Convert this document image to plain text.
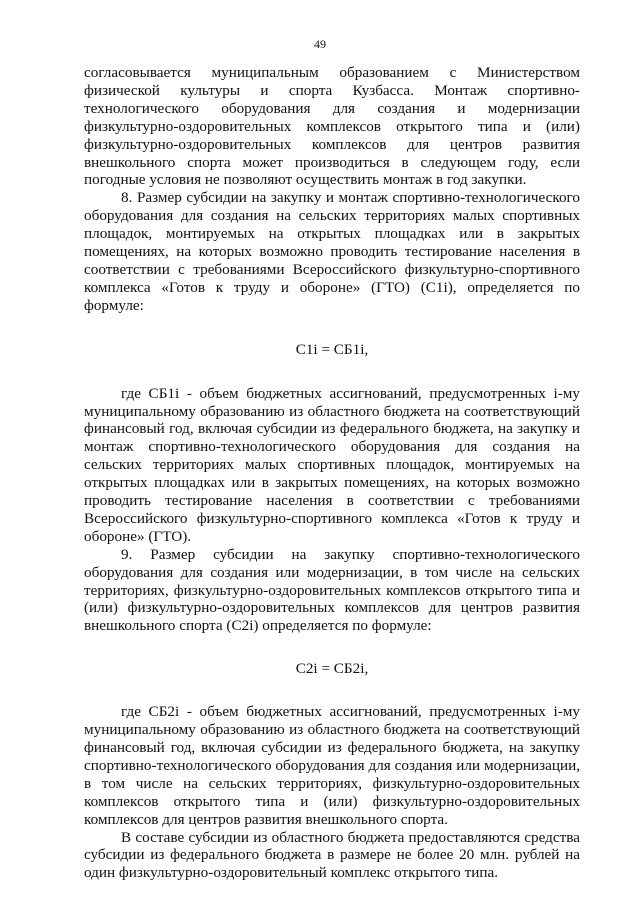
49

согласовывается муниципальным образованием с Министерством физической культуры и спорта Кузбасса. Монтаж спортивно-технологического оборудования для создания и модернизации физкультурно-оздоровительных комплексов открытого типа и (или) физкультурно-оздоровительных комплексов для центров развития внешкольного спорта может производиться в следующем году, если погодные условия не позволяют осуществить монтаж в год закупки.

8. Размер субсидии на закупку и монтаж спортивно-технологического оборудования для создания на сельских территориях малых спортивных площадок, монтируемых на открытых площадках или в закрытых помещениях, на которых возможно проводить тестирование населения в соответствии с требованиями Всероссийского физкультурно-спортивного комплекса «Готов к труду и обороне» (ГТО) (C1i), определяется по формуле:

C1i = СБ1i,

где СБ1i - объем бюджетных ассигнований, предусмотренных i-му муниципальному образованию из областного бюджета на соответствующий финансовый год, включая субсидии из федерального бюджета, на закупку и монтаж спортивно-технологического оборудования для создания на сельских территориях малых спортивных площадок, монтируемых на открытых площадках или в закрытых помещениях, на которых возможно проводить тестирование населения в соответствии с требованиями Всероссийского физкультурно-спортивного комплекса «Готов к труду и обороне» (ГТО).

9. Размер субсидии на закупку спортивно-технологического оборудования для создания или модернизации, в том числе на сельских территориях, физкультурно-оздоровительных комплексов открытого типа и (или) физкультурно-оздоровительных комплексов для центров развития внешкольного спорта (C2i) определяется по формуле:

C2i = СБ2i,

где СБ2i - объем бюджетных ассигнований, предусмотренных i-му муниципальному образованию из областного бюджета на соответствующий финансовый год, включая субсидии из федерального бюджета, на закупку спортивно-технологического оборудования для создания или модернизации, в том числе на сельских территориях, физкультурно-оздоровительных комплексов открытого типа и (или) физкультурно-оздоровительных комплексов для центров развития внешкольного спорта.

В составе субсидии из областного бюджета предоставляются средства субсидии из федерального бюджета в размере не более 20 млн. рублей на один физкультурно-оздоровительный комплекс открытого типа.
